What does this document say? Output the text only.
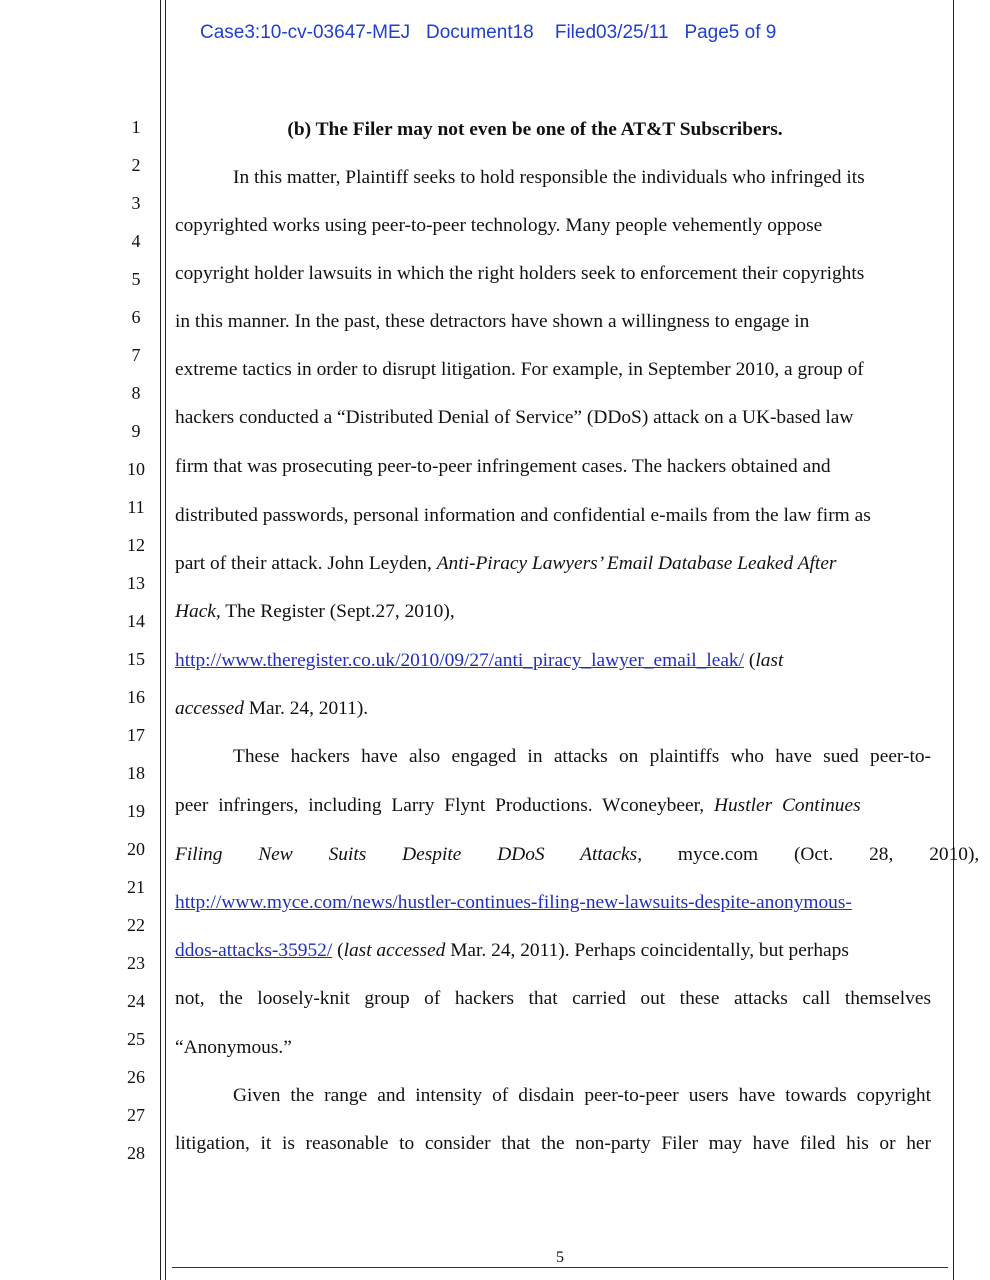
Case3:10-cv-03647-MEJ Document18 Filed03/25/11 Page5 of 9
1
2
3
4
5
6
7
8
9
10
11
12
13
14
15
16
17
18
19
20
21
22
23
24
25
26
27
28
(b) The Filer may not even be one of the AT&T Subscribers.
In this matter, Plaintiff seeks to hold responsible the individuals who infringed its
copyrighted works using peer-to-peer technology. Many people vehemently oppose
copyright holder lawsuits in which the right holders seek to enforcement their copyrights
in this manner. In the past, these detractors have shown a willingness to engage in
extreme tactics in order to disrupt litigation. For example, in September 2010, a group of
hackers conducted a “Distributed Denial of Service” (DDoS) attack on a UK-based law
firm that was prosecuting peer-to-peer infringement cases. The hackers obtained and
distributed passwords, personal information and confidential e-mails from the law firm as
part of their attack. John Leyden, Anti-Piracy Lawyers’ Email Database Leaked After
Hack, The Register (Sept.27, 2010),
http://www.theregister.co.uk/2010/09/27/anti_piracy_lawyer_email_leak/ (last
accessed Mar. 24, 2011).
These hackers have also engaged in attacks on plaintiffs who have sued peer-to-
peer infringers, including Larry Flynt Productions. Wconeybeer, Hustler Continues
Filing New Suits Despite DDoS Attacks, mycе.com (Oct. 28, 2010),
http://www.myce.com/news/hustler-continues-filing-new-lawsuits-despite-anonymous-
ddos-attacks-35952/ (last accessed Mar. 24, 2011). Perhaps coincidentally, but perhaps
not, the loosely-knit group of hackers that carried out these attacks call themselves
“Anonymous.”
Given the range and intensity of disdain peer-to-peer users have towards copyright
litigation, it is reasonable to consider that the non-party Filer may have filed his or her
5
